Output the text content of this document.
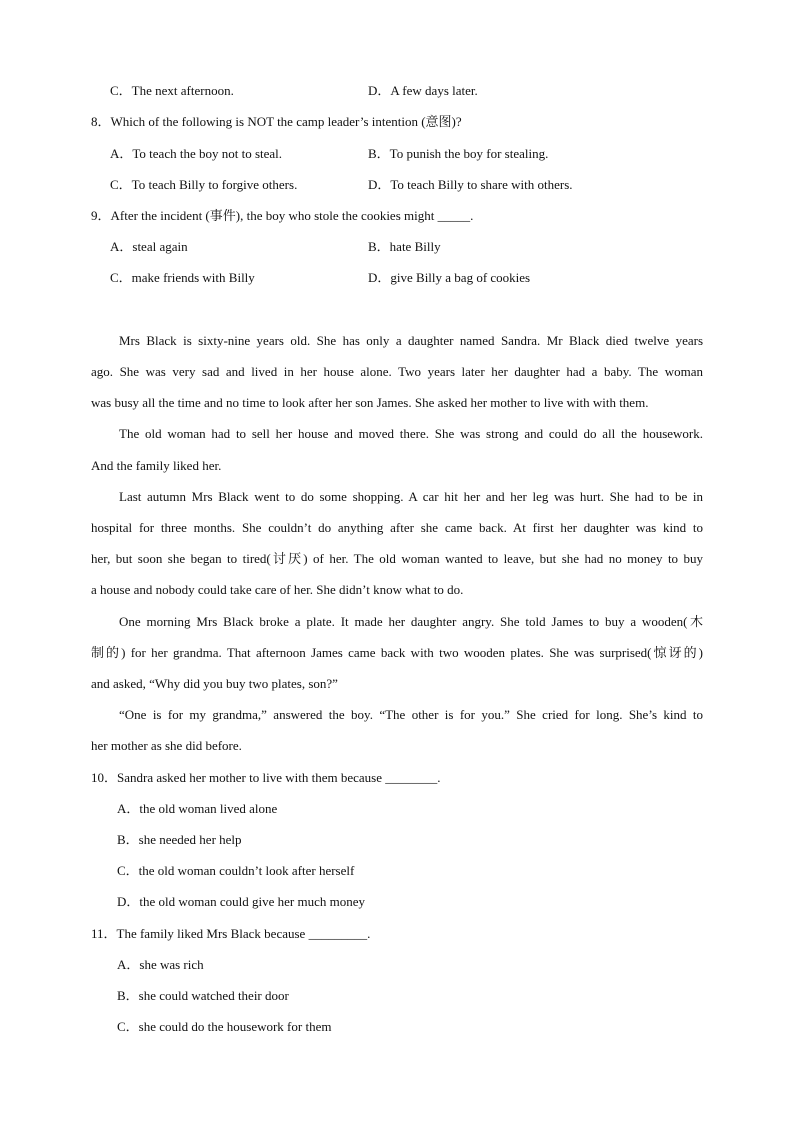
C．The next afternoon.	D．A few days later.
8．Which of the following is NOT the camp leader’s intention (意图)?
A．To teach the boy not to steal.	B．To punish the boy for stealing.
C．To teach Billy to forgive others.	D．To teach Billy to share with others.
9．After the incident (事件), the boy who stole the cookies might _____.
A．steal again	B．hate Billy
C．make friends with Billy	D．give Billy a bag of cookies
Mrs Black is sixty-nine years old. She has only a daughter named Sandra. Mr Black died twelve years
ago. She was very sad and lived in her house alone. Two years later her daughter had a baby. The woman
was busy all the time and no time to look after her son James. She asked her mother to live with with them.
The old woman had to sell her house and moved there. She was strong and could do all the housework.
And the family liked her.
Last autumn Mrs Black went to do some shopping. A car hit her and her leg was hurt. She had to be in
hospital for three months. She couldn’t do anything after she came back. At first her daughter was kind to
her, but soon she began to tired(讨厌) of her. The old woman wanted to leave, but she had no money to buy
a house and nobody could take care of her. She didn’t know what to do.
One morning Mrs Black broke a plate. It made her daughter angry. She told James to buy a wooden(木
制的) for her grandma. That afternoon James came back with two wooden plates. She was surprised(惊讶的)
and asked, “Why did you buy two plates, son?”
“One is for my grandma,” answered the boy. “The other is for you.” She cried for long. She’s kind to
her mother as she did before.
10．Sandra asked her mother to live with them because ________.
A．the old woman lived alone
B．she needed her help
C．the old woman couldn’t look after herself
D．the old woman could give her much money
11．The family liked Mrs Black because _________.
A．she was rich
B．she could watched their door
C．she could do the housework for them
